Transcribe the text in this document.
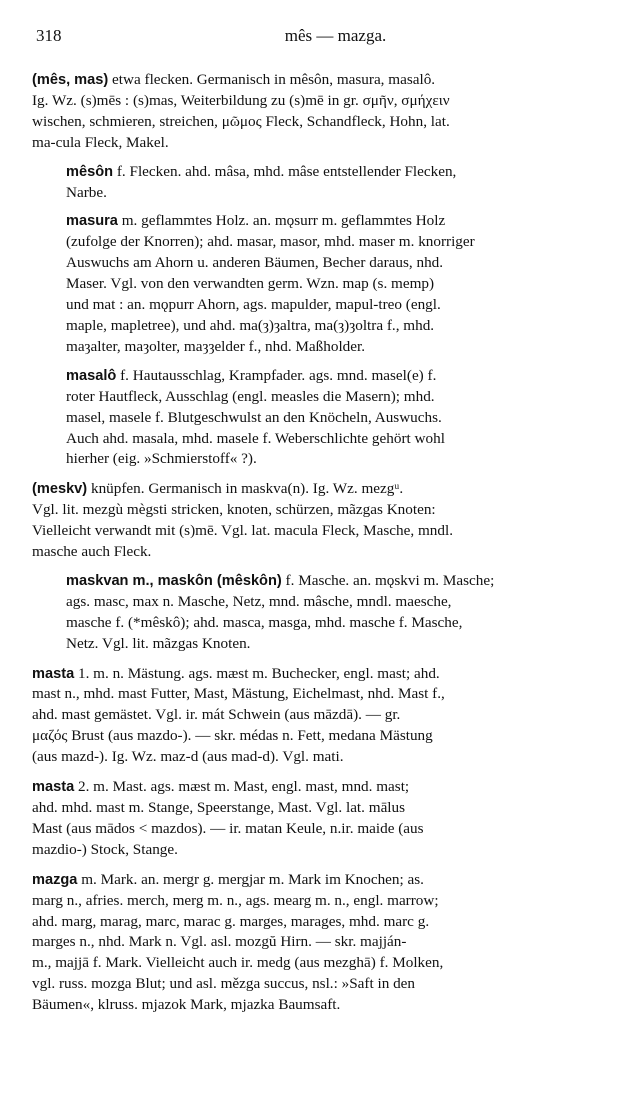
318	mês — mazga.
(mês, mas) etwa flecken. Germanisch in mêsôn, masura, masalô.
Ig. Wz. (s)mēs : (s)mas, Weiterbildung zu (s)mē in gr. σμῆν, σμήχειν
wischen, schmieren, streichen, μῶμος Fleck, Schandfleck, Hohn, lat.
ma-cula Fleck, Makel.
mêsôn f. Flecken. ahd. mâsa, mhd. mâse entstellender Flecken,
Narbe.
masura m. geflammtes Holz. an. mǫsurr m. geflammtes Holz
(zufolge der Knorren); ahd. masar, masor, mhd. maser m. knorriger
Auswuchs am Ahorn u. anderen Bäumen, Becher daraus, nhd.
Maser. Vgl. von den verwandten germ. Wzn. map (s. memp)
und mat : an. mǫpurr Ahorn, ags. mapulder, mapul-treo (engl.
maple, mapletree), und ahd. ma(ȝ)ȝaltra, ma(ȝ)ȝoltra f., mhd.
maȝalter, maȝolter, maȝȝelder f., nhd. Maßholder.
masalô f. Hautausschlag, Krampfader. ags. mnd. masel(e) f.
roter Hautfleck, Ausschlag (engl. measles die Masern); mhd.
masel, masele f. Blutgeschwulst an den Knöcheln, Auswuchs.
Auch ahd. masala, mhd. masele f. Weberschlichte gehört wohl
hierher (eig. »Schmierstoff« ?).
(meskv) knüpfen. Germanisch in maskva(n). Ig. Wz. mezgᵘ.
Vgl. lit. mezgù mègsti stricken, knoten, schürzen, mãzgas Knoten:
Vielleicht verwandt mit (s)mē. Vgl. lat. macula Fleck, Masche, mndl.
masche auch Fleck.
maskvan m., maskôn (mêskôn) f. Masche. an. mǫskvi m. Masche;
ags. masc, max n. Masche, Netz, mnd. mâsche, mndl. maesche,
masche f. (*mêskô); ahd. masca, masga, mhd. masche f. Masche,
Netz. Vgl. lit. mãzgas Knoten.
masta 1. m. n. Mästung. ags. mæst m. Buchecker, engl. mast; ahd.
mast n., mhd. mast Futter, Mast, Mästung, Eichelmast, nhd. Mast f.,
ahd. mast gemästet. Vgl. ir. mát Schwein (aus māzdā). — gr.
μαζός Brust (aus mazdo-). — skr. médas n. Fett, medana Mästung
(aus mazd-). Ig. Wz. maz-d (aus mad-d). Vgl. mati.
masta 2. m. Mast. ags. mæst m. Mast, engl. mast, mnd. mast;
ahd. mhd. mast m. Stange, Speerstange, Mast. Vgl. lat. mālus
Mast (aus mādos < mazdos). — ir. matan Keule, n.ir. maide (aus
mazdio-) Stock, Stange.
mazga m. Mark. an. mergr g. mergjar m. Mark im Knochen; as.
marg n., afries. merch, merg m. n., ags. mearg m. n., engl. marrow;
ahd. marg, marag, marc, marac g. marges, marages, mhd. marc g.
marges n., nhd. Mark n. Vgl. asl. mozgŭ Hirn. — skr. majján-
m., majjā f. Mark. Vielleicht auch ir. medg (aus mezghā) f. Molken,
vgl. russ. mozga Blut; und asl. mězga succus, nsl.: »Saft in den
Bäumen«, klruss. mjazok Mark, mjazka Baumsaft.
